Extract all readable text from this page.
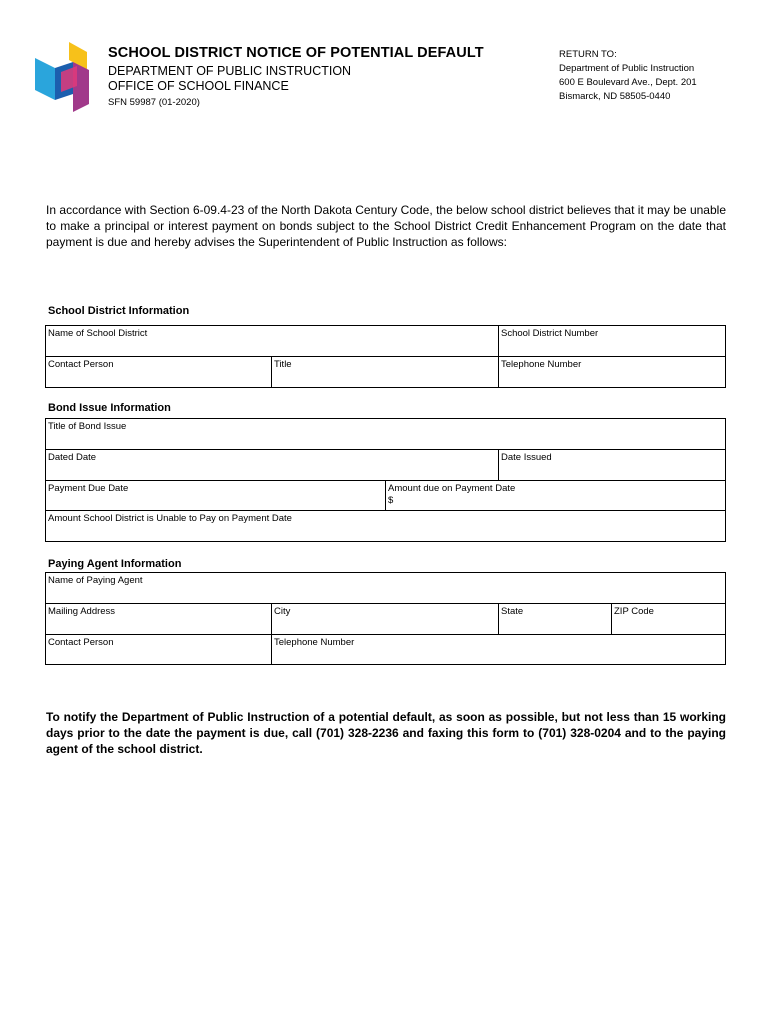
SCHOOL DISTRICT NOTICE OF POTENTIAL DEFAULT
DEPARTMENT OF PUBLIC INSTRUCTION
OFFICE OF SCHOOL FINANCE
SFN 59987 (01-2020)
RETURN TO:
Department of Public Instruction
600 E Boulevard Ave., Dept. 201
Bismarck, ND 58505-0440
In accordance with Section 6-09.4-23 of the North Dakota Century Code, the below school district believes that it may be unable to make a principal or interest payment on bonds subject to the School District Credit Enhancement Program on the date that payment is due and hereby advises the Superintendent of Public Instruction as follows:
School District Information
Name of School District	School District Number
Contact Person	Title	Telephone Number
Bond Issue Information
Title of Bond Issue
Dated Date	Date Issued
Payment Due Date	Amount due on Payment Date
$
Amount School District is Unable to Pay on Payment Date
Paying Agent Information
Name of Paying Agent
Mailing Address	City	State	ZIP Code
Contact Person	Telephone Number
To notify the Department of Public Instruction of a potential default, as soon as possible, but not less than 15 working days prior to the date the payment is due, call (701) 328-2236 and faxing this form to (701) 328-0204 and to the paying agent of the school district.
